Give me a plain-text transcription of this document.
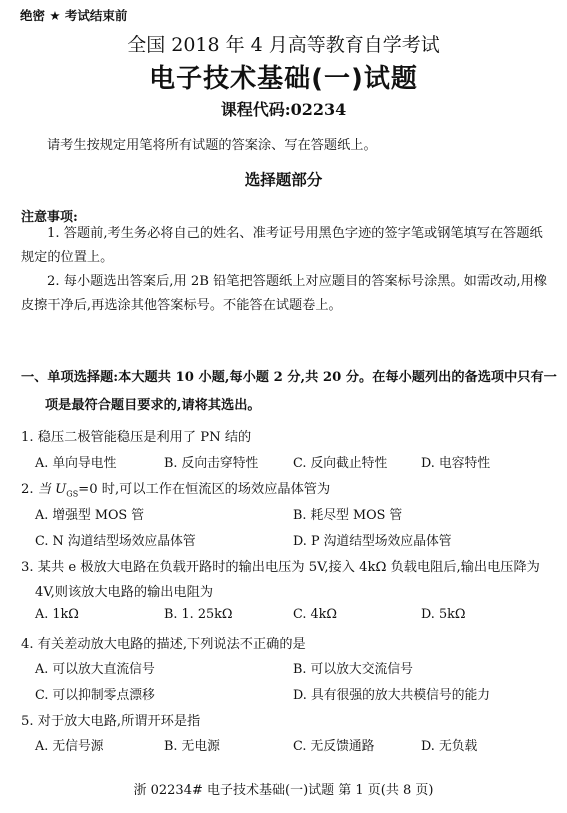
绝密 ★ 考试结束前
全国 2018 年 4 月高等教育自学考试
电子技术基础(一)试题
课程代码:02234
请考生按规定用笔将所有试题的答案涂、写在答题纸上。
选择题部分
注意事项:
1. 答题前,考生务必将自己的姓名、准考证号用黑色字迹的签字笔或钢笔填写在答题纸规定的位置上。
2. 每小题选出答案后,用 2B 铅笔把答题纸上对应题目的答案标号涂黑。如需改动,用橡皮擦干净后,再选涂其他答案标号。不能答在试题卷上。
一、单项选择题:本大题共 10 小题,每小题 2 分,共 20 分。在每小题列出的备选项中只有一
项是最符合题目要求的,请将其选出。
1. 稳压二极管能稳压是利用了 PN 结的
A. 单向导电性	B. 反向击穿特性	C. 反向截止特性	D. 电容特性
2. 当 $U_{GS}=0$ 时,可以工作在恒流区的场效应晶体管为
A. 增强型 MOS 管	B. 耗尽型 MOS 管
C. N 沟道结型场效应晶体管	D. P 沟道结型场效应晶体管
3. 某共 e 极放大电路在负载开路时的输出电压为 5V,接入 4kΩ 负载电阻后,输出电压降为
4V,则该放大电路的输出电阻为
A. 1kΩ	B. 1. 25kΩ	C. 4kΩ	D. 5kΩ
4. 有关差动放大电路的描述,下列说法不正确的是
A. 可以放大直流信号	B. 可以放大交流信号
C. 可以抑制零点漂移	D. 具有很强的放大共模信号的能力
5. 对于放大电路,所谓开环是指
A. 无信号源	B. 无电源	C. 无反馈通路	D. 无负载
浙 02234# 电子技术基础(一)试题 第 1 页(共 8 页)
